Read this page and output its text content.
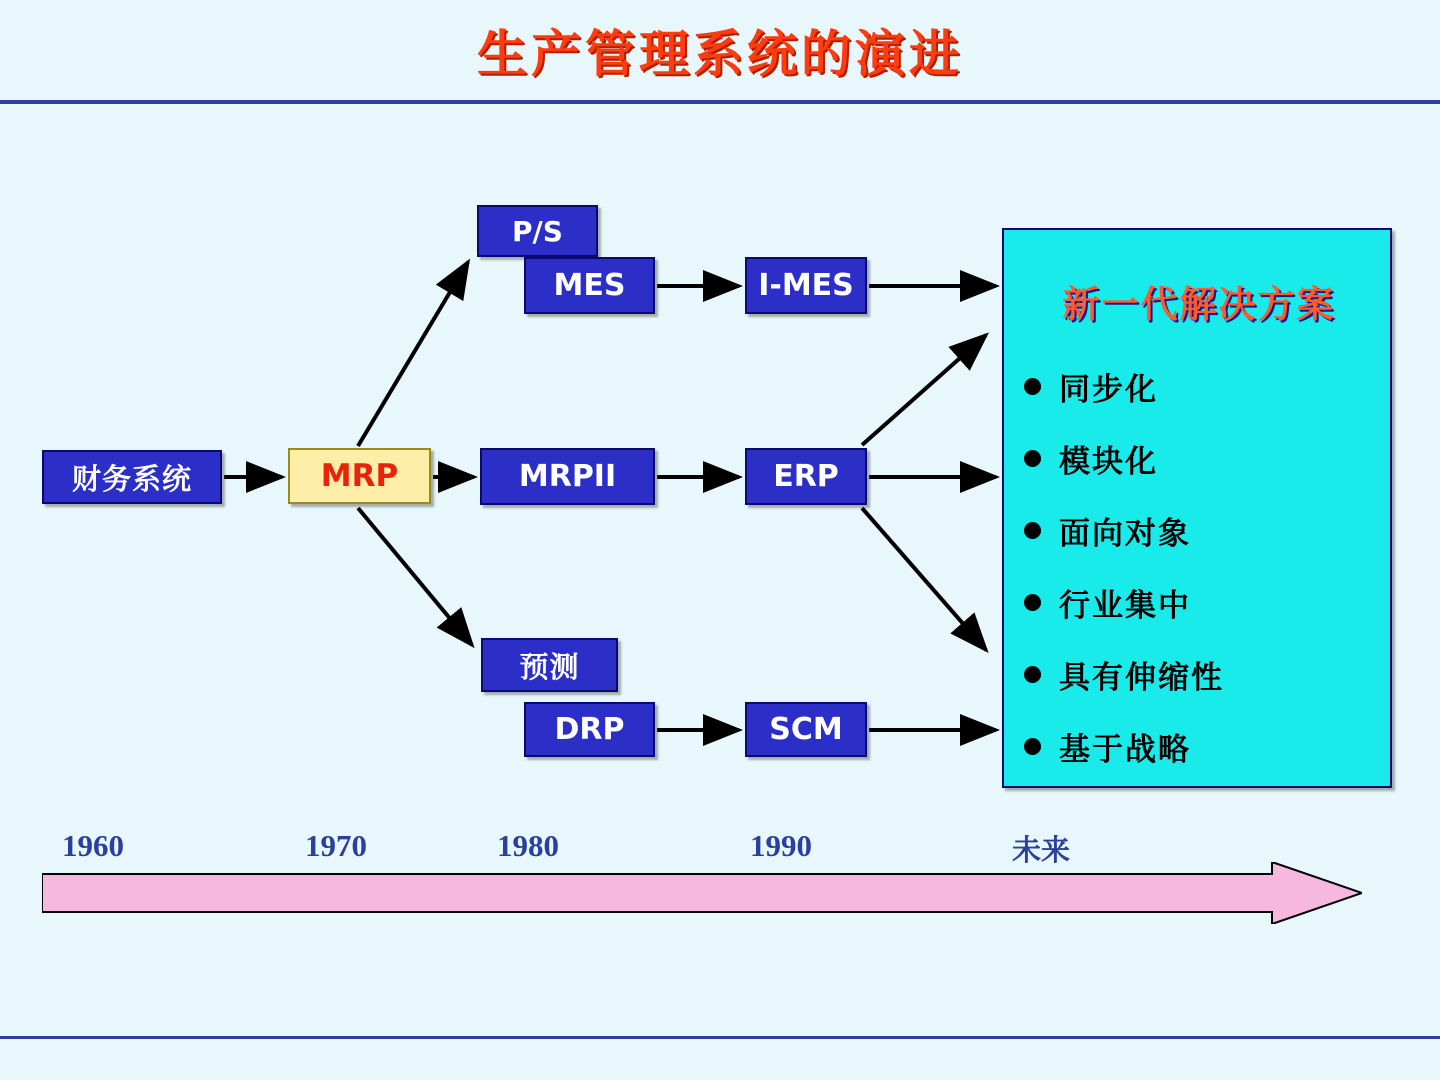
生产管理系统的演进
财务系统	MRP
P/S
MES	I-MES
MRPII	ERP
预测
DRP	SCM
新一代解决方案
同步化
模块化
面向对象
行业集中
具有伸缩性
基于战略
1960	1970	1980	1990	未来
